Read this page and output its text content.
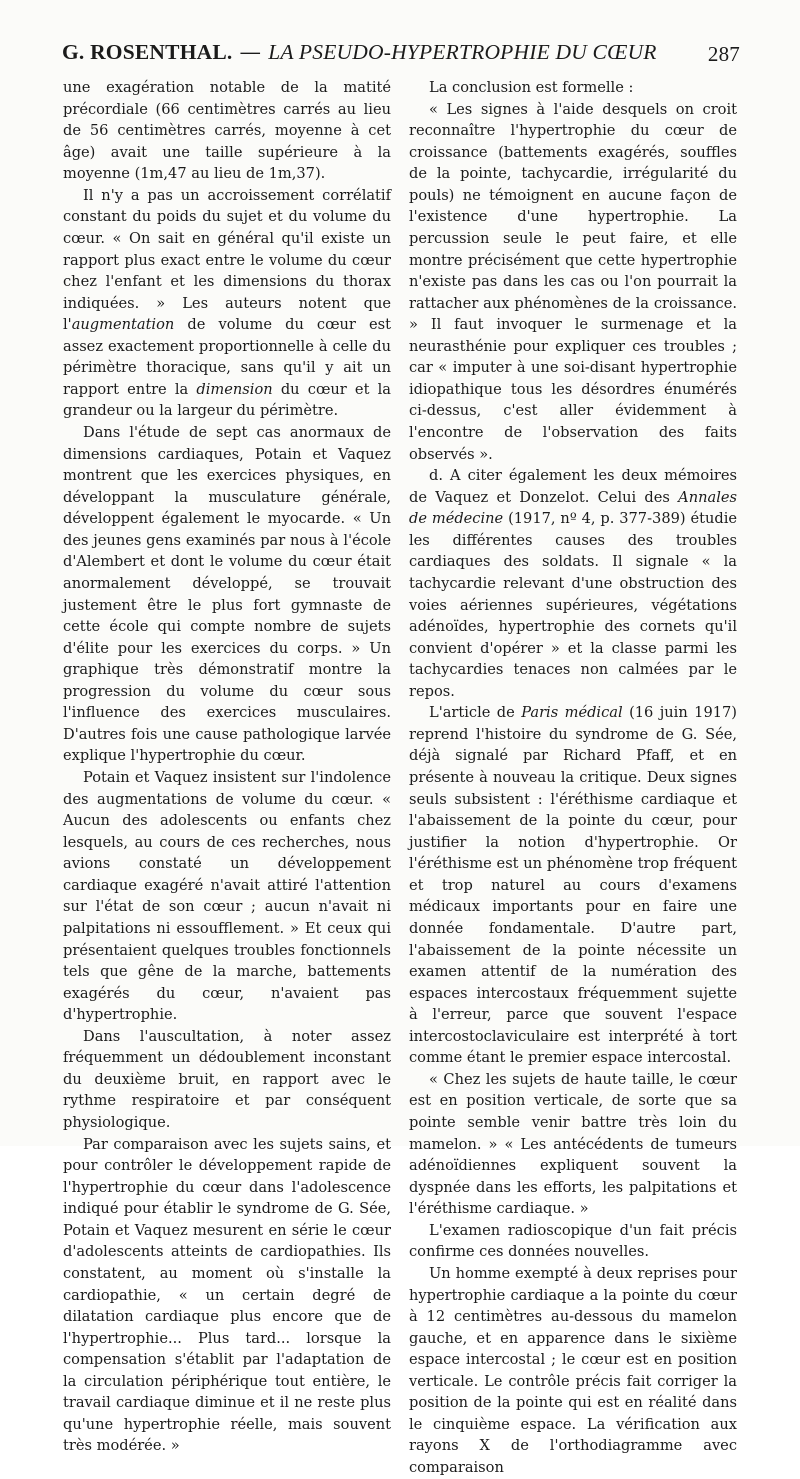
G. ROSENTHAL. — LA PSEUDO-HYPERTROPHIE DU CŒUR 287

une exagération notable de la matité précordiale (66 centimètres carrés au lieu de 56 centimètres carrés, moyenne à cet âge) avait une taille supérieure à la moyenne (1m,47 au lieu de 1m,37).

Il n'y a pas un accroissement corrélatif constant du poids du sujet et du volume du cœur. « On sait en général qu'il existe un rapport plus exact entre le volume du cœur chez l'enfant et les dimensions du thorax indiquées. » Les auteurs notent que l'augmentation de volume du cœur est assez exactement proportionnelle à celle du périmètre thoracique, sans qu'il y ait un rapport entre la dimension du cœur et la grandeur ou la largeur du périmètre.

Dans l'étude de sept cas anormaux de dimensions cardiaques, Potain et Vaquez montrent que les exercices physiques, en développant la musculature générale, développent également le myocarde. « Un des jeunes gens examinés par nous à l'école d'Alembert et dont le volume du cœur était anormalement développé, se trouvait justement être le plus fort gymnaste de cette école qui compte nombre de sujets d'élite pour les exercices du corps. » Un graphique très démonstratif montre la progression du volume du cœur sous l'influence des exercices musculaires. D'autres fois une cause pathologique larvée explique l'hypertrophie du cœur.

Potain et Vaquez insistent sur l'indolence des augmentations de volume du cœur. « Aucun des adolescents ou enfants chez lesquels, au cours de ces recherches, nous avions constaté un développement cardiaque exagéré n'avait attiré l'attention sur l'état de son cœur ; aucun n'avait ni palpitations ni essoufflement. » Et ceux qui présentaient quelques troubles fonctionnels tels que gêne de la marche, battements exagérés du cœur, n'avaient pas d'hypertrophie.

Dans l'auscultation, à noter assez fréquemment un dédoublement inconstant du deuxième bruit, en rapport avec le rythme respiratoire et par conséquent physiologique.

Par comparaison avec les sujets sains, et pour contrôler le développement rapide de l'hypertrophie du cœur dans l'adolescence indiqué pour établir le syndrome de G. Sée, Potain et Vaquez mesurent en série le cœur d'adolescents atteints de cardiopathies. Ils constatent, au moment où s'installe la cardiopathie, « un certain degré de dilatation cardiaque plus encore que de l'hypertrophie... Plus tard... lorsque la compensation s'établit par l'adaptation de la circulation périphérique tout entière, le travail cardiaque diminue et il ne reste plus qu'une hypertrophie réelle, mais souvent très modérée. »

La conclusion est formelle :

« Les signes à l'aide desquels on croit reconnaître l'hypertrophie du cœur de croissance (battements exagérés, souffles de la pointe, tachycardie, irrégularité du pouls) ne témoignent en aucune façon de l'existence d'une hypertrophie. La percussion seule le peut faire, et elle montre précisément que cette hypertrophie n'existe pas dans les cas ou l'on pourrait la rattacher aux phénomènes de la croissance. » Il faut invoquer le surmenage et la neurasthénie pour expliquer ces troubles ; car « imputer à une soi-disant hypertrophie idiopathique tous les désordres énumérés ci-dessus, c'est aller évidemment à l'encontre de l'observation des faits observés ».

d. A citer également les deux mémoires de Vaquez et Donzelot. Celui des Annales de médecine (1917, nº 4, p. 377-389) étudie les différentes causes des troubles cardiaques des soldats. Il signale « la tachycardie relevant d'une obstruction des voies aériennes supérieures, végétations adénoïdes, hypertrophie des cornets qu'il convient d'opérer » et la classe parmi les tachycardies tenaces non calmées par le repos.

L'article de Paris médical (16 juin 1917) reprend l'histoire du syndrome de G. Sée, déjà signalé par Richard Pfaff, et en présente à nouveau la critique. Deux signes seuls subsistent : l'éréthisme cardiaque et l'abaissement de la pointe du cœur, pour justifier la notion d'hypertrophie. Or l'éréthisme est un phénomène trop fréquent et trop naturel au cours d'examens médicaux importants pour en faire une donnée fondamentale. D'autre part, l'abaissement de la pointe nécessite un examen attentif de la numération des espaces intercostaux fréquemment sujette à l'erreur, parce que souvent l'espace intercostoclaviculaire est interprété à tort comme étant le premier espace intercostal.

« Chez les sujets de haute taille, le cœur est en position verticale, de sorte que sa pointe semble venir battre très loin du mamelon. » « Les antécédents de tumeurs adénoïdiennes expliquent souvent la dyspnée dans les efforts, les palpitations et l'éréthisme cardiaque. »

L'examen radioscopique d'un fait précis confirme ces données nouvelles.

Un homme exempté à deux reprises pour hypertrophie cardiaque a la pointe du cœur à 12 centimètres au-dessous du mamelon gauche, et en apparence dans le sixième espace intercostal ; le cœur est en position verticale. Le contrôle précis fait corriger la position de la pointe qui est en réalité dans le cinquième espace. La vérification aux rayons X de l'orthodiagramme avec comparaison
